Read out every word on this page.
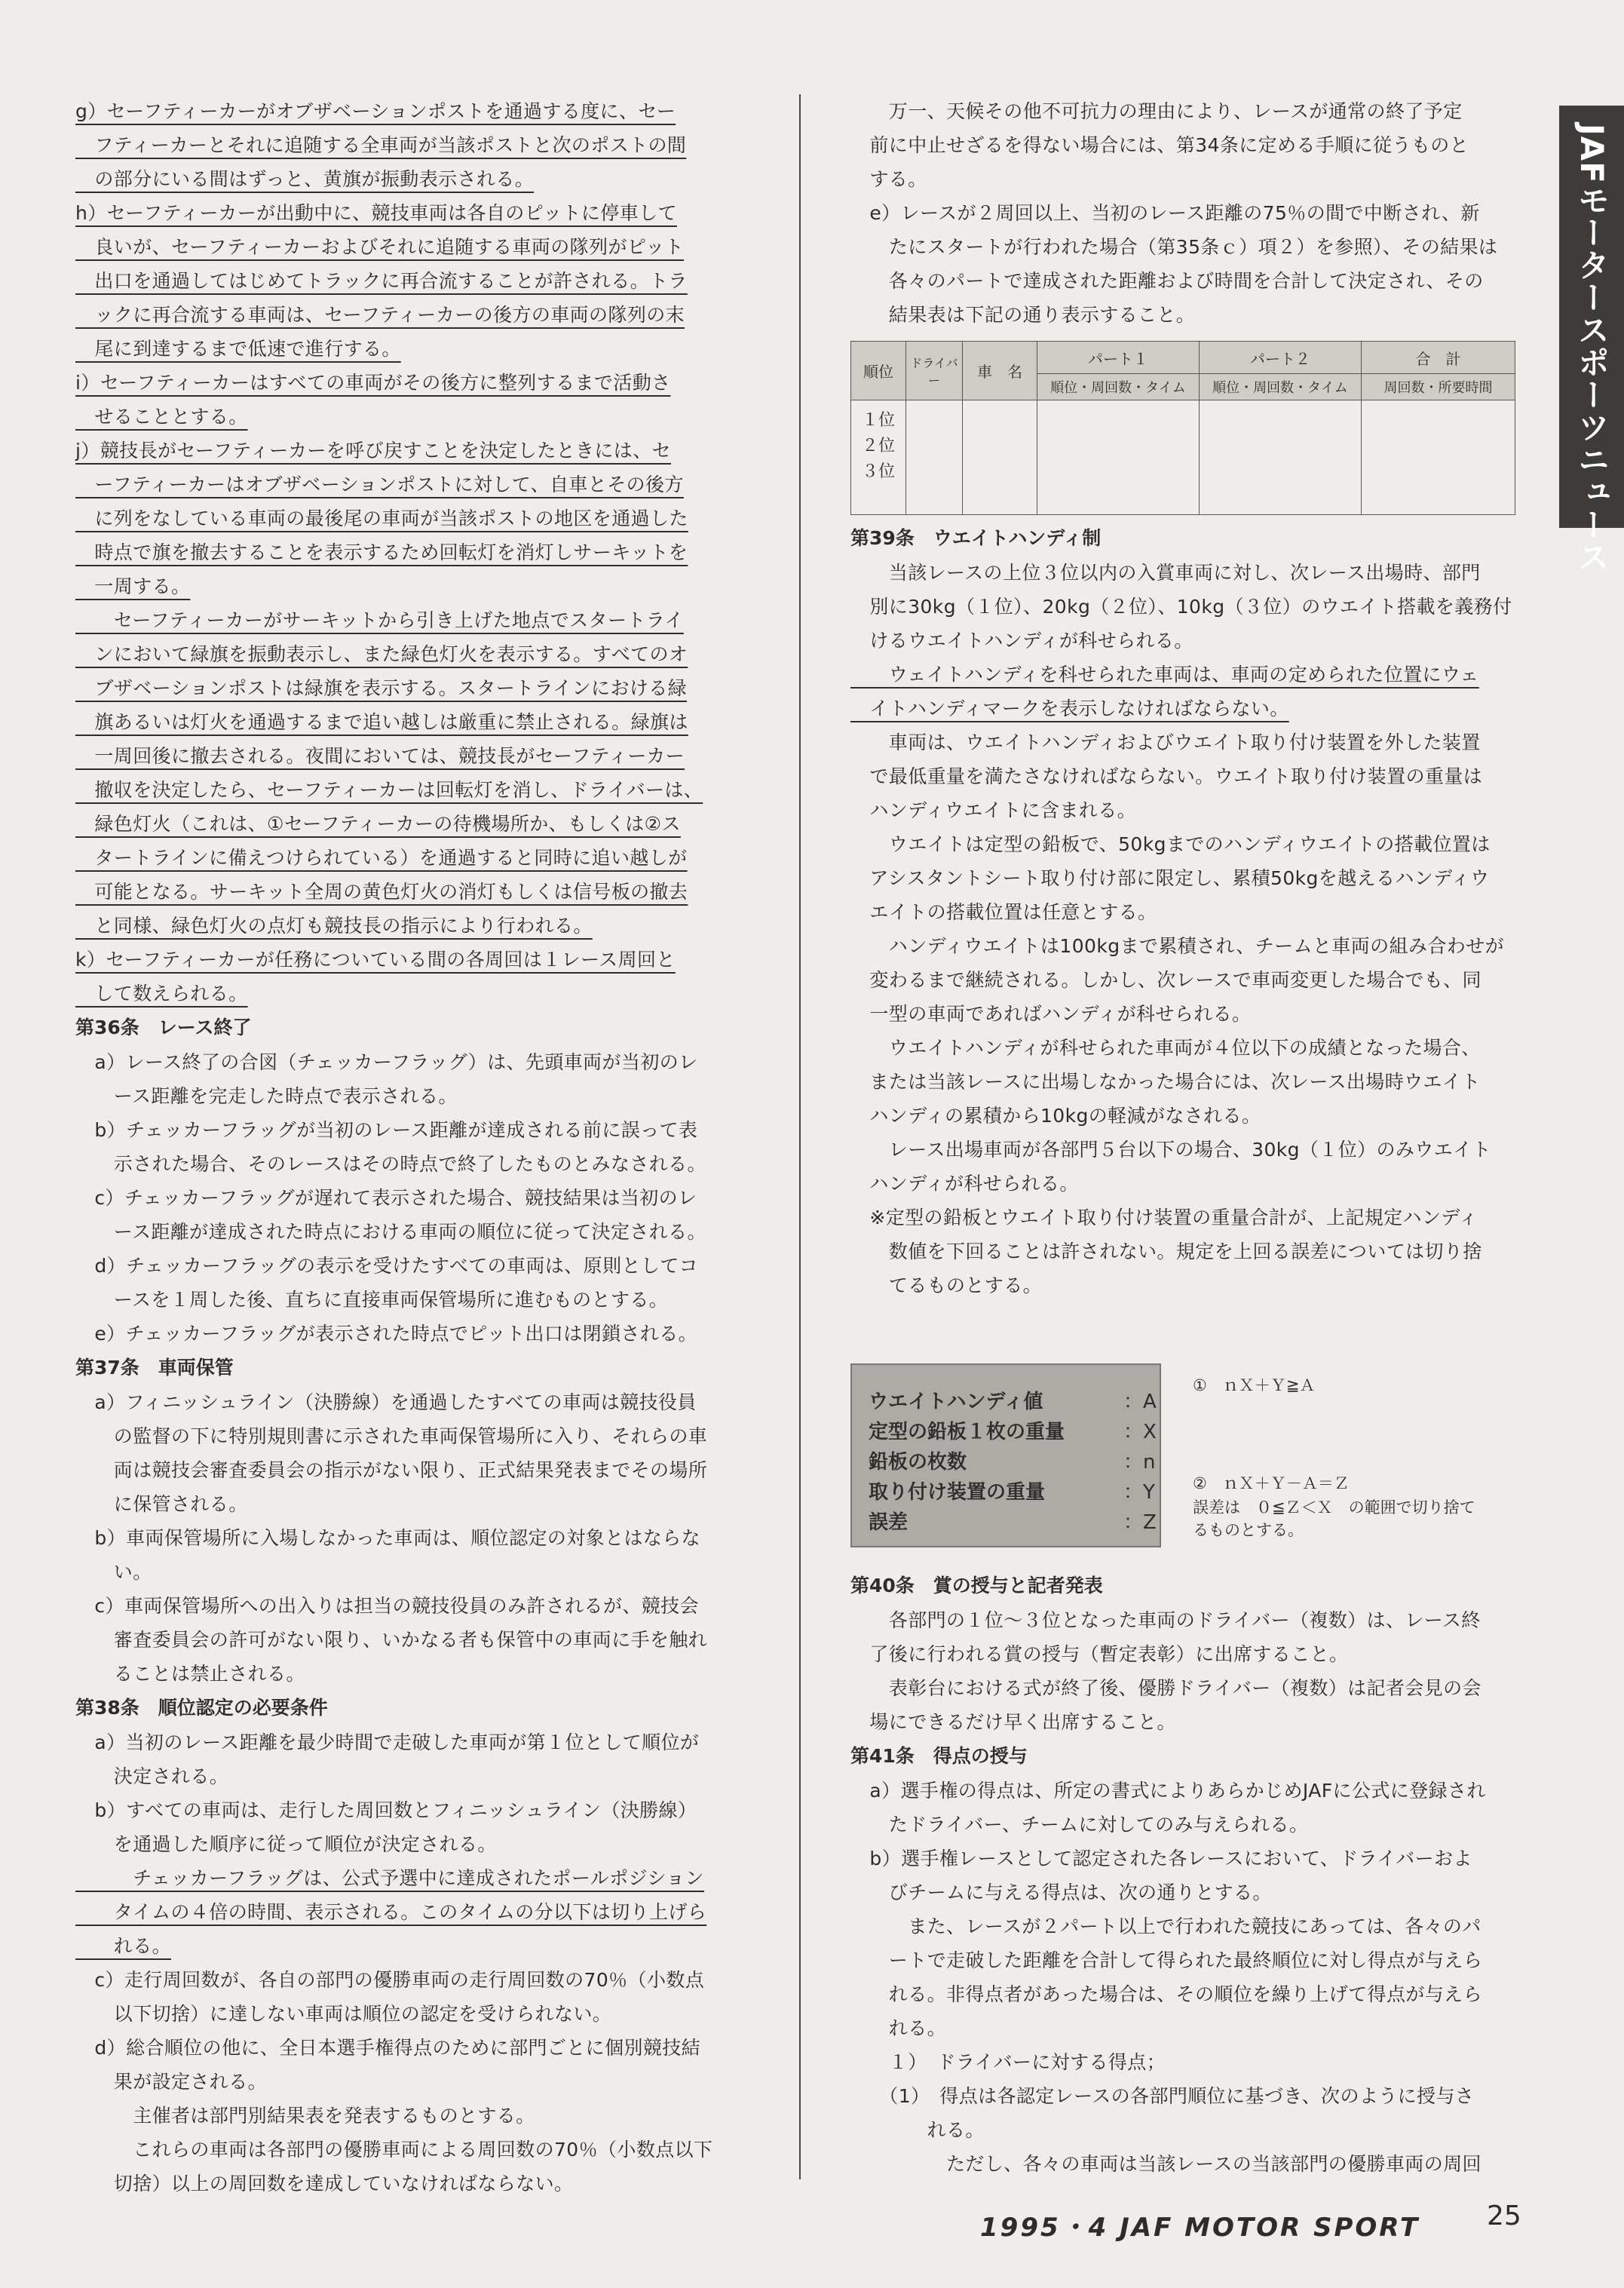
JAFモータースポーツニュース
g）セーフティーカーがオブザベーションポストを通過する度に、セー
　フティーカーとそれに追随する全車両が当該ポストと次のポストの間
　の部分にいる間はずっと、黄旗が振動表示される。
h）セーフティーカーが出動中に、競技車両は各自のピットに停車して
　良いが、セーフティーカーおよびそれに追随する車両の隊列がピット
　出口を通過してはじめてトラックに再合流することが許される。トラ
　ックに再合流する車両は、セーフティーカーの後方の車両の隊列の末
　尾に到達するまで低速で進行する。
i）セーフティーカーはすべての車両がその後方に整列するまで活動さ
　せることとする。
j）競技長がセーフティーカーを呼び戻すことを決定したときには、セ
　ーフティーカーはオブザベーションポストに対して、自車とその後方
　に列をなしている車両の最後尾の車両が当該ポストの地区を通過した
　時点で旗を撤去することを表示するため回転灯を消灯しサーキットを
　一周する。
　　セーフティーカーがサーキットから引き上げた地点でスタートライ
　ンにおいて緑旗を振動表示し、また緑色灯火を表示する。すべてのオ
　ブザベーションポストは緑旗を表示する。スタートラインにおける緑
　旗あるいは灯火を通過するまで追い越しは厳重に禁止される。緑旗は
　一周回後に撤去される。夜間においては、競技長がセーフティーカー
　撤収を決定したら、セーフティーカーは回転灯を消し、ドライバーは、
　緑色灯火（これは、①セーフティーカーの待機場所か、もしくは②ス
　タートラインに備えつけられている）を通過すると同時に追い越しが
　可能となる。サーキット全周の黄色灯火の消灯もしくは信号板の撤去
　と同様、緑色灯火の点灯も競技長の指示により行われる。
k）セーフティーカーが任務についている間の各周回は１レース周回と
　して数えられる。
第36条　レース終了
　a）レース終了の合図（チェッカーフラッグ）は、先頭車両が当初のレ
　　ース距離を完走した時点で表示される。
　b）チェッカーフラッグが当初のレース距離が達成される前に誤って表
　　示された場合、そのレースはその時点で終了したものとみなされる。
　c）チェッカーフラッグが遅れて表示された場合、競技結果は当初のレ
　　ース距離が達成された時点における車両の順位に従って決定される。
　d）チェッカーフラッグの表示を受けたすべての車両は、原則としてコ
　　ースを１周した後、直ちに直接車両保管場所に進むものとする。
　e）チェッカーフラッグが表示された時点でピット出口は閉鎖される。
第37条　車両保管
　a）フィニッシュライン（決勝線）を通過したすべての車両は競技役員
　　の監督の下に特別規則書に示された車両保管場所に入り、それらの車
　　両は競技会審査委員会の指示がない限り、正式結果発表までその場所
　　に保管される。
　b）車両保管場所に入場しなかった車両は、順位認定の対象とはならな
　　い。
　c）車両保管場所への出入りは担当の競技役員のみ許されるが、競技会
　　審査委員会の許可がない限り、いかなる者も保管中の車両に手を触れ
　　ることは禁止される。
第38条　順位認定の必要条件
　a）当初のレース距離を最少時間で走破した車両が第１位として順位が
　　決定される。
　b）すべての車両は、走行した周回数とフィニッシュライン（決勝線）
　　を通過した順序に従って順位が決定される。
　　　チェッカーフラッグは、公式予選中に達成されたポールポジション
　　タイムの４倍の時間、表示される。このタイムの分以下は切り上げら
　　れる。
　c）走行周回数が、各自の部門の優勝車両の走行周回数の70％（小数点
　　以下切捨）に達しない車両は順位の認定を受けられない。
　d）総合順位の他に、全日本選手権得点のために部門ごとに個別競技結
　　果が設定される。
　　　主催者は部門別結果表を発表するものとする。
　　　これらの車両は各部門の優勝車両による周回数の70％（小数点以下
　　切捨）以上の周回数を達成していなければならない。
　　万一、天候その他不可抗力の理由により、レースが通常の終了予定
　前に中止せざるを得ない場合には、第34条に定める手順に従うものと
　する。
　e）レースが２周回以上、当初のレース距離の75％の間で中断され、新
　　たにスタートが行われた場合（第35条ｃ）項２）を参照）、その結果は
　　各々のパートで達成された距離および時間を合計して決定され、その
　　結果表は下記の通り表示すること。
順位	ドライバー	車　名	パート１	パート２	合　計
			順位・周回数・タイム	順位・周回数・タイム	周回数・所要時間

１位
２位
３位					

第39条　ウエイトハンディ制
　　当該レースの上位３位以内の入賞車両に対し、次レース出場時、部門
　別に30kg（１位）、20kg（２位）、10kg（３位）のウエイト搭載を義務付
　けるウエイトハンディが科せられる。
　　ウェイトハンディを科せられた車両は、車両の定められた位置にウェ
　イトハンディマークを表示しなければならない。
　　車両は、ウエイトハンディおよびウエイト取り付け装置を外した装置
　で最低重量を満たさなければならない。ウエイト取り付け装置の重量は
　ハンディウエイトに含まれる。
　　ウエイトは定型の鉛板で、50kgまでのハンディウエイトの搭載位置は
　アシスタントシート取り付け部に限定し、累積50kgを越えるハンディウ
　エイトの搭載位置は任意とする。
　　ハンディウエイトは100kgまで累積され、チームと車両の組み合わせが
　変わるまで継続される。しかし、次レースで車両変更した場合でも、同
　一型の車両であればハンディが科せられる。
　　ウエイトハンディが科せられた車両が４位以下の成績となった場合、
　または当該レースに出場しなかった場合には、次レース出場時ウエイト
　ハンディの累積から10kgの軽減がなされる。
　　レース出場車両が各部門５台以下の場合、30kg（１位）のみウエイト
　ハンディが科せられる。
　※定型の鉛板とウエイト取り付け装置の重量合計が、上記規定ハンディ
　　数値を下回ることは許されない。規定を上回る誤差については切り捨
　　てるものとする。
ウエイトハンディ値	：A
定型の鉛板１枚の重量	：X
鉛板の枚数	：n
取り付け装置の重量	：Y
誤差	：Z
①　ｎＸ＋Ｙ≧Ａ
②　ｎＸ＋Ｙ－Ａ＝Ｚ
誤差は　０≦Ｚ＜Ｘ　の範囲で切り捨て
るものとする。
第40条　賞の授与と記者発表
　　各部門の１位～３位となった車両のドライバー（複数）は、レース終
　了後に行われる賞の授与（暫定表彰）に出席すること。
　　表彰台における式が終了後、優勝ドライバー（複数）は記者会見の会
　場にできるだけ早く出席すること。
第41条　得点の授与
　a）選手権の得点は、所定の書式によりあらかじめJAFに公式に登録され
　　たドライバー、チームに対してのみ与えられる。
　b）選手権レースとして認定された各レースにおいて、ドライバーおよ
　　びチームに与える得点は、次の通りとする。
　　　また、レースが２パート以上で行われた競技にあっては、各々のパ
　　ートで走破した距離を合計して得られた最終順位に対し得点が与えら
　　れる。非得点者があった場合は、その順位を繰り上げて得点が与えら
　　れる。
　　１）　ドライバーに対する得点；
　　（1）　得点は各認定レースの各部門順位に基づき、次のように授与さ
　　　　れる。
　　　　　ただし、各々の車両は当該レースの当該部門の優勝車両の周回
1995・4 JAF MOTOR SPORT 25
